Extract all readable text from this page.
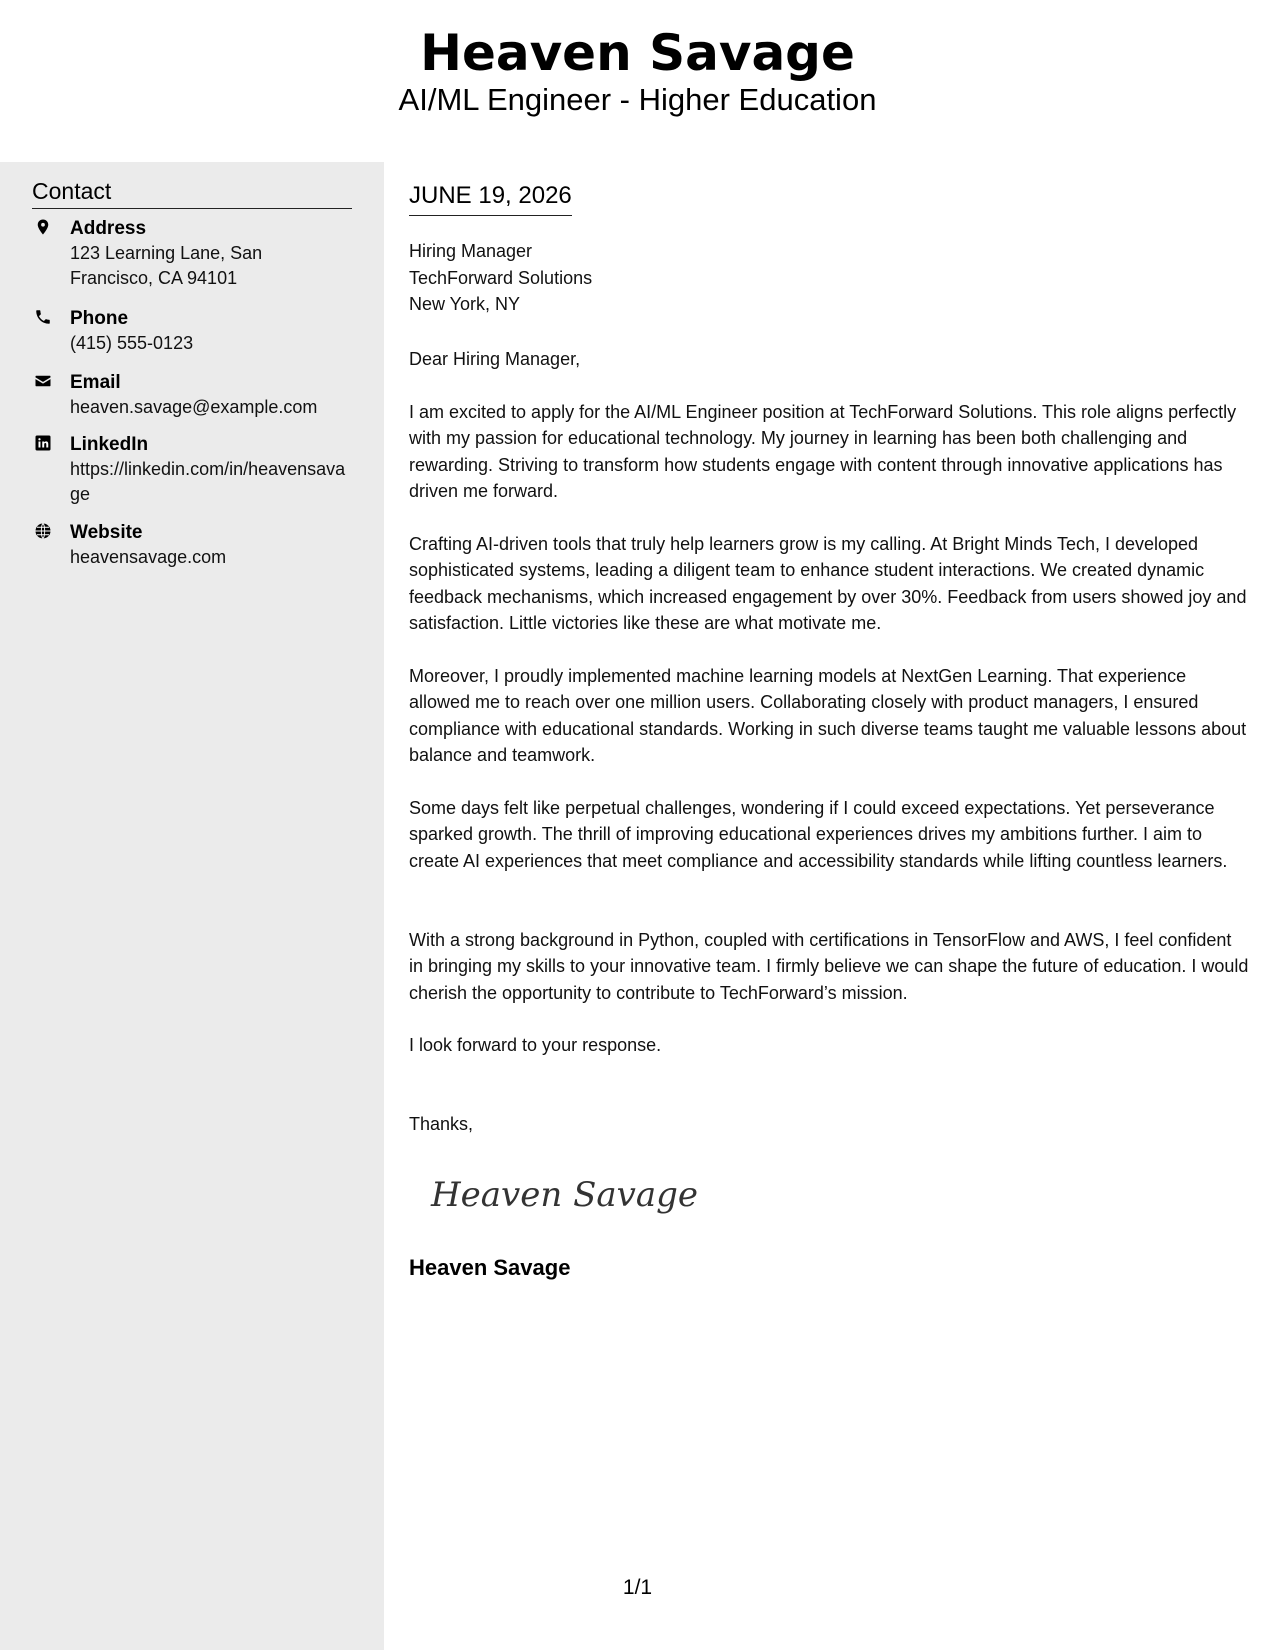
Heaven Savage
AI/ML Engineer - Higher Education
Contact
Address
123 Learning Lane, San Francisco, CA 94101
Phone
(415) 555-0123
Email
heaven.savage@example.com
LinkedIn
https://linkedin.com/in/heavensavage
Website
heavensavage.com
JUNE 19, 2026
Hiring Manager
TechForward Solutions
New York, NY
Dear Hiring Manager,

I am excited to apply for the AI/ML Engineer position at TechForward Solutions. This role aligns perfectly with my passion for educational technology. My journey in learning has been both challenging and rewarding. Striving to transform how students engage with content through innovative applications has driven me forward.

Crafting AI-driven tools that truly help learners grow is my calling. At Bright Minds Tech, I developed sophisticated systems, leading a diligent team to enhance student interactions. We created dynamic feedback mechanisms, which increased engagement by over 30%. Feedback from users showed joy and satisfaction. Little victories like these are what motivate me.

Moreover, I proudly implemented machine learning models at NextGen Learning. That experience allowed me to reach over one million users. Collaborating closely with product managers, I ensured compliance with educational standards. Working in such diverse teams taught me valuable lessons about balance and teamwork.

Some days felt like perpetual challenges, wondering if I could exceed expectations. Yet perseverance sparked growth. The thrill of improving educational experiences drives my ambitions further. I aim to create AI experiences that meet compliance and accessibility standards while lifting countless learners.

With a strong background in Python, coupled with certifications in TensorFlow and AWS, I feel confident in bringing my skills to your innovative team. I firmly believe we can shape the future of education. I would cherish the opportunity to contribute to TechForward’s mission.

I look forward to your response.

Thanks,
Heaven Savage
Heaven Savage
1/1
